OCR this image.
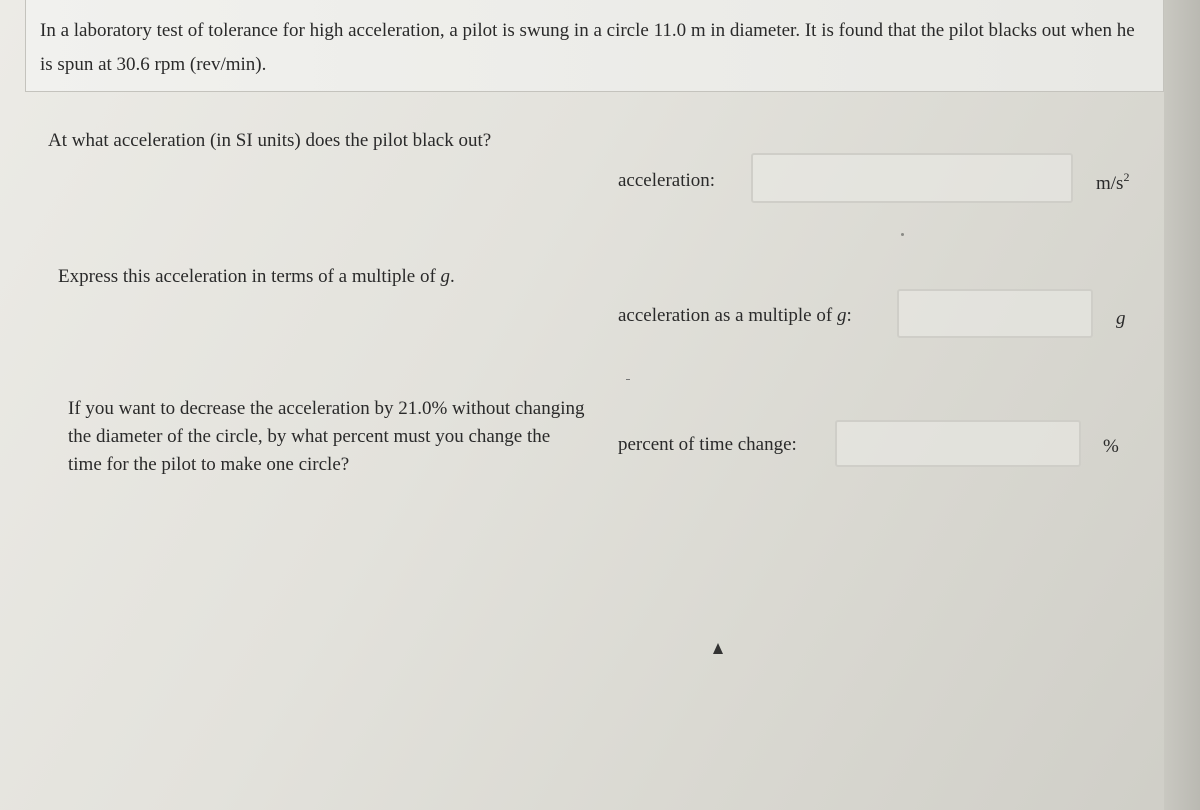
In a laboratory test of tolerance for high acceleration, a pilot is swung in a circle 11.0 m in diameter. It is found that the pilot blacks out when he is spun at 30.6 rpm (rev/min).

At what acceleration (in SI units) does the pilot black out?

acceleration:	$m/s^2$

Express this acceleration in terms of a multiple of g.

acceleration as a multiple of g:	g

If you want to decrease the acceleration by 21.0% without changing the diameter of the circle, by what percent must you change the time for the pilot to make one circle?

percent of time change:	%
